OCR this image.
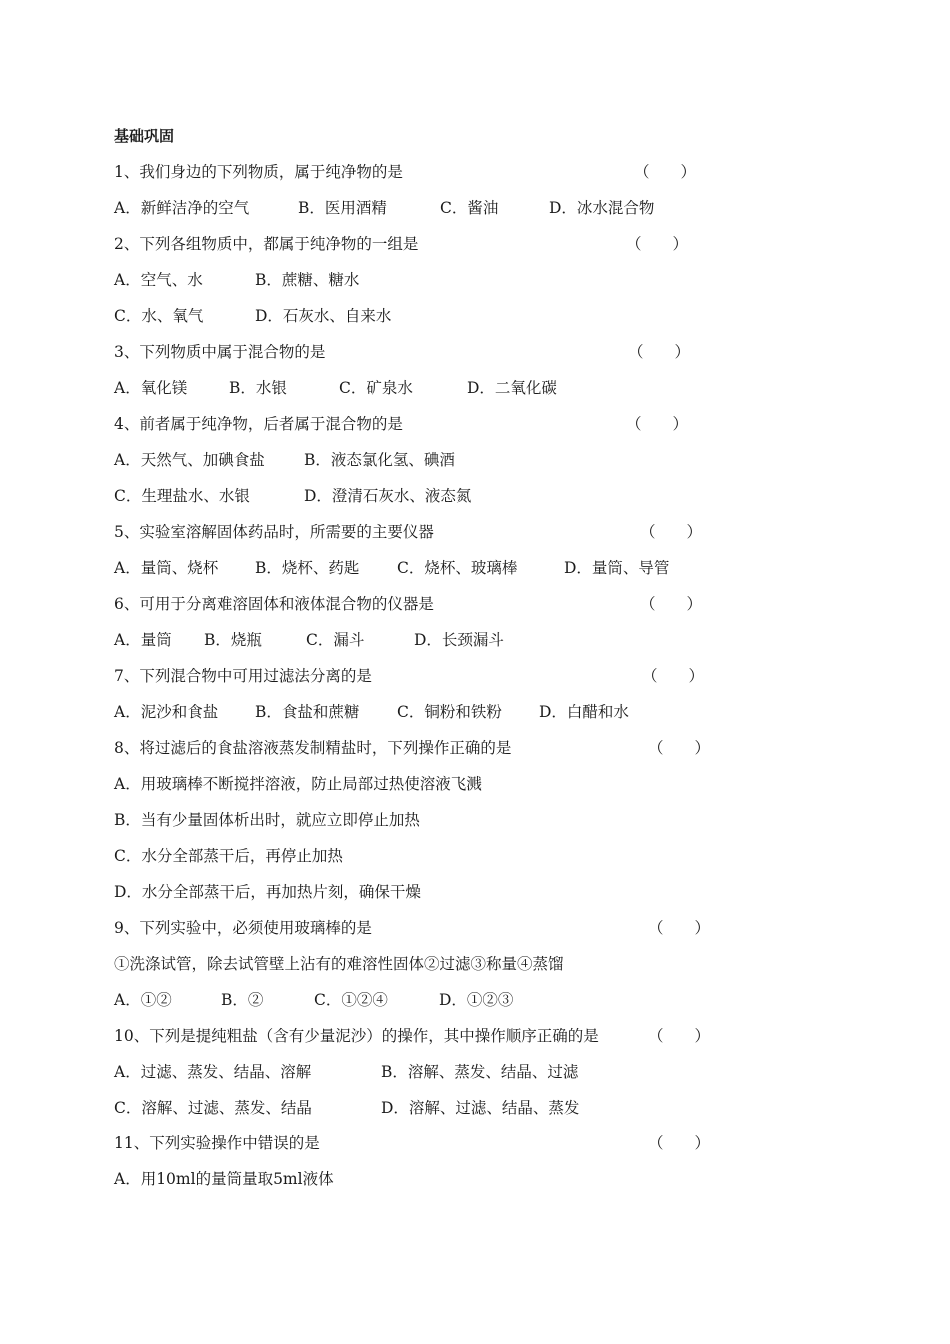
基础巩固
1、我们身边的下列物质，属于纯净物的是	（　　）
A．新鲜洁净的空气	B．医用酒精	C．酱油	D．冰水混合物
2、下列各组物质中，都属于纯净物的一组是	（　　）
A．空气、水	B．蔗糖、糖水
C．水、氧气	D．石灰水、自来水
3、下列物质中属于混合物的是	（　　）
A．氧化镁	B．水银	C．矿泉水	D．二氧化碳
4、前者属于纯净物，后者属于混合物的是	（　　）
A．天然气、加碘食盐	B．液态氯化氢、碘酒
C．生理盐水、水银	D．澄清石灰水、液态氮
5、实验室溶解固体药品时，所需要的主要仪器	（　　）
A．量筒、烧杯 B．烧杯、药匙 C．烧杯、玻璃棒	D．量筒、导管
6、可用于分离难溶固体和液体混合物的仪器是	（　　）
A．量筒 B．烧瓶	C．漏斗	D．长颈漏斗
7、下列混合物中可用过滤法分离的是	（　　）
A．泥沙和食盐 B．食盐和蔗糖 C．铜粉和铁粉 D．白醋和水
8、将过滤后的食盐溶液蒸发制精盐时，下列操作正确的是	（　　）
A．用玻璃棒不断搅拌溶液，防止局部过热使溶液飞溅
B．当有少量固体析出时，就应立即停止加热
C．水分全部蒸干后，再停止加热
D．水分全部蒸干后，再加热片刻，确保干燥
9、下列实验中，必须使用玻璃棒的是	（　　）
①洗涤试管，除去试管壁上沾有的难溶性固体②过滤③称量④蒸馏
A．①②	B．②	C．①②④	D．①②③
10、下列是提纯粗盐（含有少量泥沙）的操作，其中操作顺序正确的是	（　　）
A．过滤、蒸发、结晶、溶解	B．溶解、蒸发、结晶、过滤
C．溶解、过滤、蒸发、结晶	D．溶解、过滤、结晶、蒸发
11、下列实验操作中错误的是	（　　）
A．用10ml的量筒量取5ml液体
